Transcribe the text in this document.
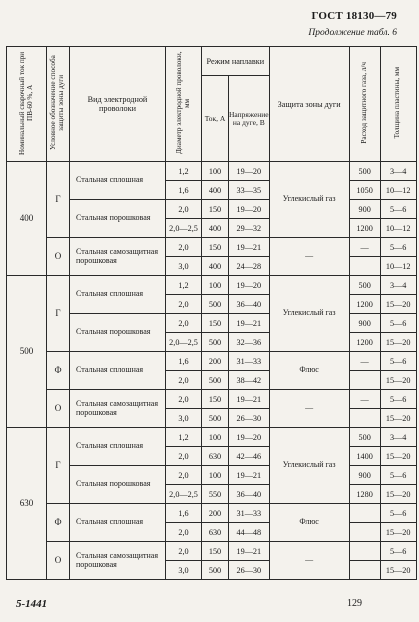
ГОСТ 18130—79
Продолжение табл. 6
Номинальный сварочный ток при ПВ-60 %, А	Условное обозначение способа защиты зоны дуги	Вид электродной проволоки	Диаметр электродной проволоки, мм	Режим наплавки		Защита зоны дуги	Расход защитного газа, л/ч	Толщина пластины, мм
				Ток, А	Напряжение на дуге, В			
400	Г	Стальная сплошная	1,2	100	19—20	Углекислый газ	500	3—4
			1,6	400	33—35		1050	10—12
		Стальная порошковая	2,0	150	19—20		900	5—6
			2,0—2,5	400	29—32		1200	10—12
	О	Стальная самозащитная порошковая	2,0	150	19—21	—	—	5—6
			3,0	400	24—28			10—12
500	Г	Стальная сплошная	1,2	100	19—20	Углекислый газ	500	3—4
			2,0	500	36—40		1200	15—20
		Стальная порошковая	2,0	150	19—21		900	5—6
			2,0—2,5	500	32—36		1200	15—20
	Ф	Стальная сплошная	1,6	200	31—33	Флюс	—	5—6
			2,0	500	38—42			15—20
	О	Стальная самозащитная порошковая	2,0	150	19—21	—	—	5—6
			3,0	500	26—30			15—20
630	Г	Стальная сплошная	1,2	100	19—20	Углекислый газ	500	3—4
			2,0	630	42—46		1400	15—20
		Стальная порошковая	2,0	100	19—21		900	5—6
			2,0—2,5	550	36—40		1280	15—20
	Ф	Стальная сплошная	1,6	200	31—33	Флюс		5—6
			2,0	630	44—48			15—20
	О	Стальная самозащитная порошковая	2,0	150	19—21	—		5—6
			3,0	500	26—30			15—20
5-1441	129
